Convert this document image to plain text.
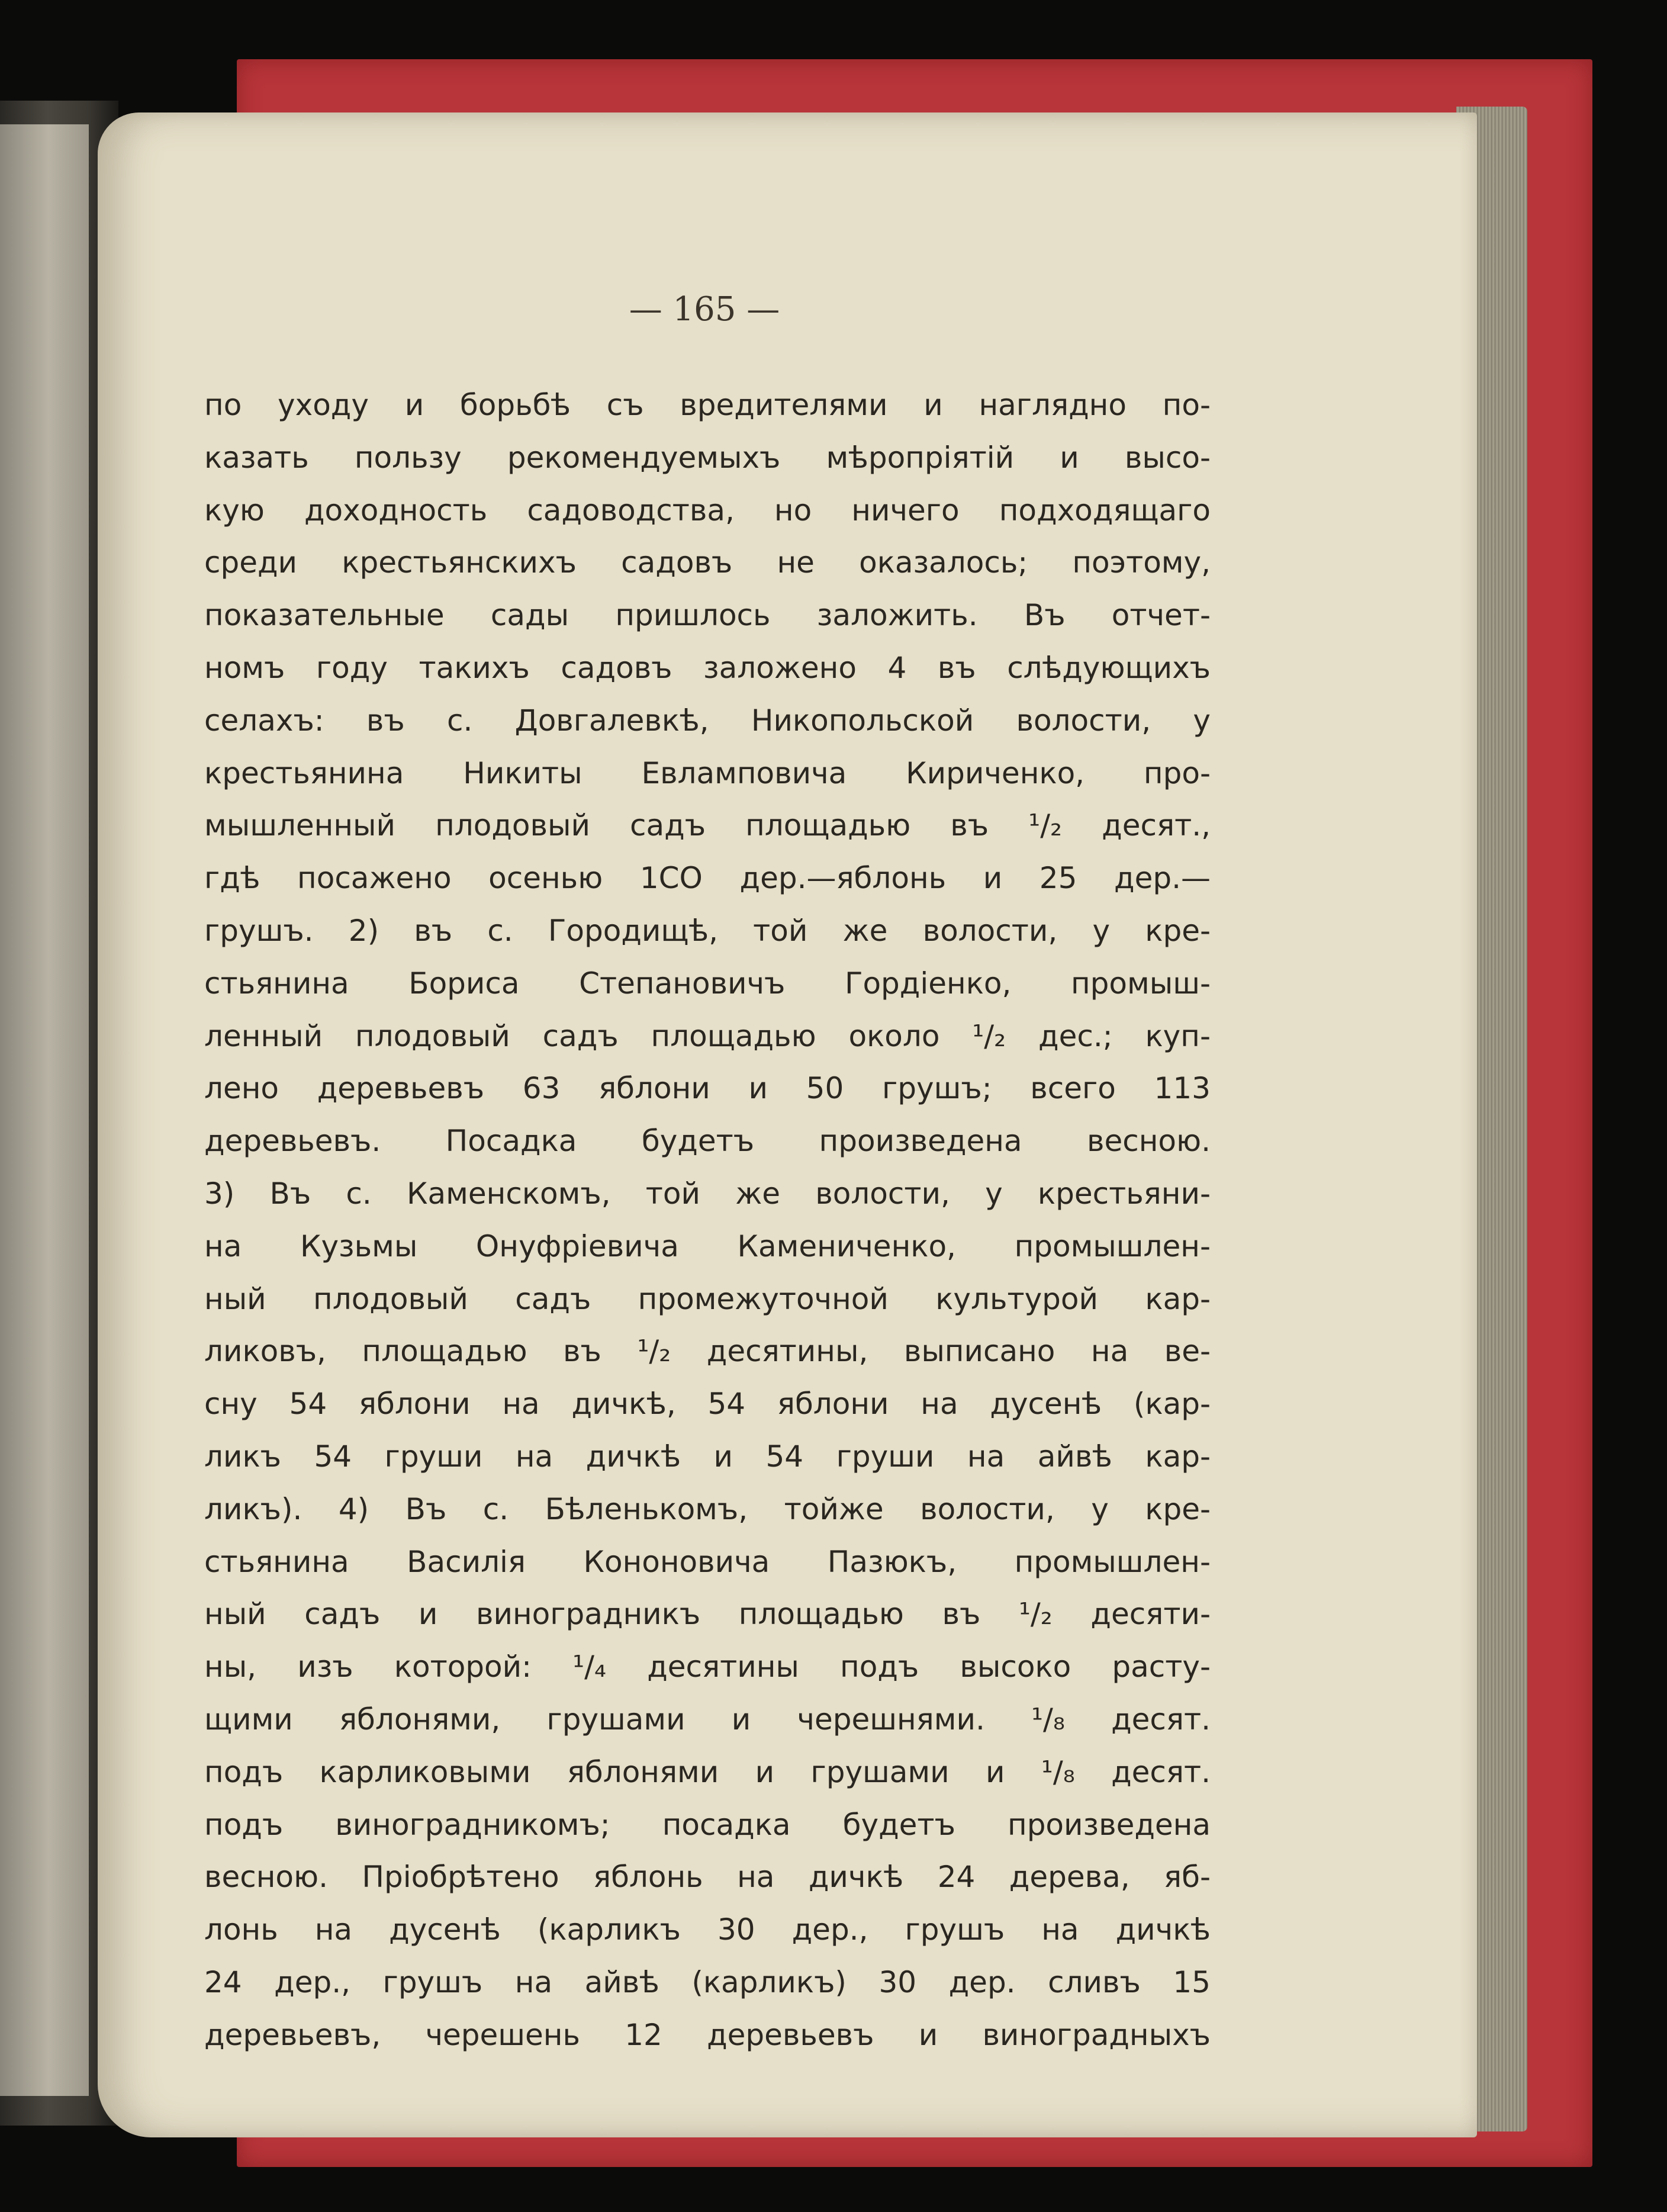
— 165 —
по уходу и борьбѣ съ вредителями и наглядно по-
казать пользу рекомендуемыхъ мѣропріятій и высо-
кую доходность садоводства, но ничего подходящаго
среди крестьянскихъ садовъ не оказалось; поэтому,
показательные сады пришлось заложить. Въ отчет-
номъ году такихъ садовъ заложено 4 въ слѣдующихъ
селахъ: въ с. Довгалевкѣ, Никопольской волости, у
крестьянина Никиты Евлампoвича Кириченко, про-
мышленный плодовый садъ площадью въ ¹/₂ десят.,
гдѣ посажено осенью 1СО дер.—яблонь и 25 дер.—
грушъ. 2) въ с. Городищѣ, той же волости, у кре-
стьянина Бориса Степановичъ Гордіенко, промыш-
ленный плодовый садъ площадью около ¹/₂ дес.; куп-
лено деревьевъ 63 яблони и 50 грушъ; всего 113
деревьевъ. Посадка будетъ произведена весною.
3) Въ с. Каменскомъ, той же волости, у крестьяни-
на Кузьмы Онуфріевича Камениченко, промышлен-
ный плодовый садъ промежуточной культурой кар-
ликовъ, площадью въ ¹/₂ десятины, выписано на ве-
сну 54 яблони на дичкѣ, 54 яблони на дусенѣ (кар-
ликъ 54 груши на дичкѣ и 54 груши на айвѣ кар-
ликъ). 4) Въ с. Бѣленькомъ, тойже волости, у кре-
стьянина Василія Кононовича Пазюкъ, промышлен-
ный садъ и виноградникъ площадью въ ¹/₂ десяти-
ны, изъ которой: ¹/₄ десятины подъ высоко расту-
щими яблонями, грушами и черешнями. ¹/₈ десят.
подъ карликовыми яблонями и грушами и ¹/₈ десят.
подъ виноградникомъ; посадка будетъ произведена
весною. Пріобрѣтено яблонь на дичкѣ 24 дерева, яб-
лонь на дусенѣ (карликъ 30 дер., грушъ на дичкѣ
24 дер., грушъ на айвѣ (карликъ) 30 дер. сливъ 15
деревьевъ, черешень 12 деревьевъ и виноградныхъ
